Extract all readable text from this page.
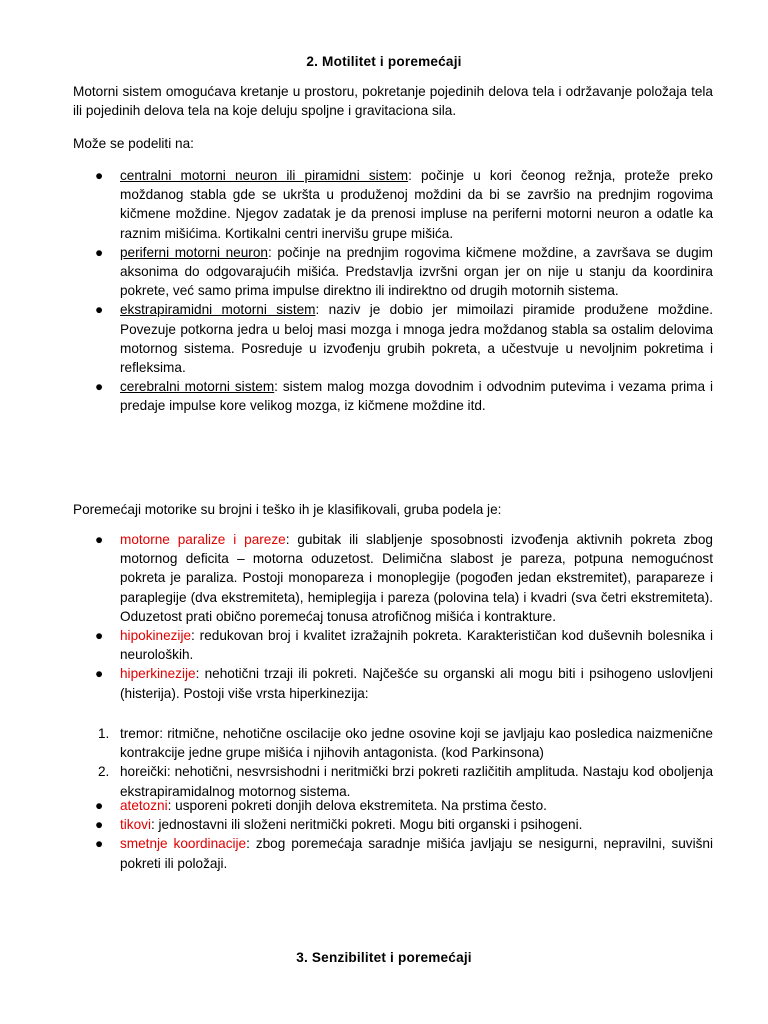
2. Motilitet i poremećaji
Motorni sistem omogućava kretanje u prostoru, pokretanje pojedinih delova tela i održavanje položaja tela ili pojedinih delova tela na koje deluju spoljne i gravitaciona sila.
Može se podeliti na:
● centralni motorni neuron ili piramidni sistem: počinje u kori čeonog režnja, proteže preko moždanog stabla gde se ukršta u produženoj moždini da bi se završio na prednjim rogovima kičmene moždine. Njegov zadatak je da prenosi impluse na periferni motorni neuron a odatle ka raznim mišićima. Kortikalni centri inervišu grupe mišića.
● periferni motorni neuron: počinje na prednjim rogovima kičmene moždine, a završava se dugim aksonima do odgovarajućih mišića. Predstavlja izvršni organ jer on nije u stanju da koordinira pokrete, već samo prima impulse direktno ili indirektno od drugih motornih sistema.
● ekstrapiramidni motorni sistem: naziv je dobio jer mimoilazi piramide produžene moždine. Povezuje potkorna jedra u beloj masi mozga i mnoga jedra moždanog stabla sa ostalim delovima motornog sistema. Posreduje u izvođenju grubih pokreta, a učestvuje u nevoljnim pokretima i refleksima.
● cerebralni motorni sistem: sistem malog mozga dovodnim i odvodnim putevima i vezama prima i predaje impulse kore velikog mozga, iz kičmene moždine itd.
Poremećaji motorike su brojni i teško ih je klasifikovali, gruba podela je:
● motorne paralize i pareze: gubitak ili slabljenje sposobnosti izvođenja aktivnih pokreta zbog motornog deficita – motorna oduzetost. Delimična slabost je pareza, potpuna nemogućnost pokreta je paraliza. Postoji monopareza i monoplegije (pogođen jedan ekstremitet), parapareze i paraplegije (dva ekstremiteta), hemiplegija i pareza (polovina tela) i kvadri (sva četri ekstremiteta). Oduzetost prati obično poremećaj tonusa atrofičnog mišića i kontrakture.
● hipokinezije: redukovan broj i kvalitet izražajnih pokreta. Karakterističan kod duševnih bolesnika i neuroloških.
● hiperkinezije: nehotični trzaji ili pokreti. Najčešće su organski ali mogu biti i psihogeno uslovljeni (histerija). Postoji više vrsta hiperkinezija:
1. tremor: ritmične, nehotične oscilacije oko jedne osovine koji se javljaju kao posledica naizmenične kontrakcije jedne grupe mišića i njihovih antagonista. (kod Parkinsona)
2. horeički: nehotični, nesvrsishodni i neritmički brzi pokreti različitih amplituda. Nastaju kod oboljenja ekstrapiramidalnog motornog sistema.
● atetozni: usporeni pokreti donjih delova ekstremiteta. Na prstima često.
● tikovi: jednostavni ili složeni neritmički pokreti. Mogu biti organski i psihogeni.
● smetnje koordinacije: zbog poremećaja saradnje mišića javljaju se nesigurni, nepravilni, suvišni pokreti ili položaji.
3. Senzibilitet i poremećaji
